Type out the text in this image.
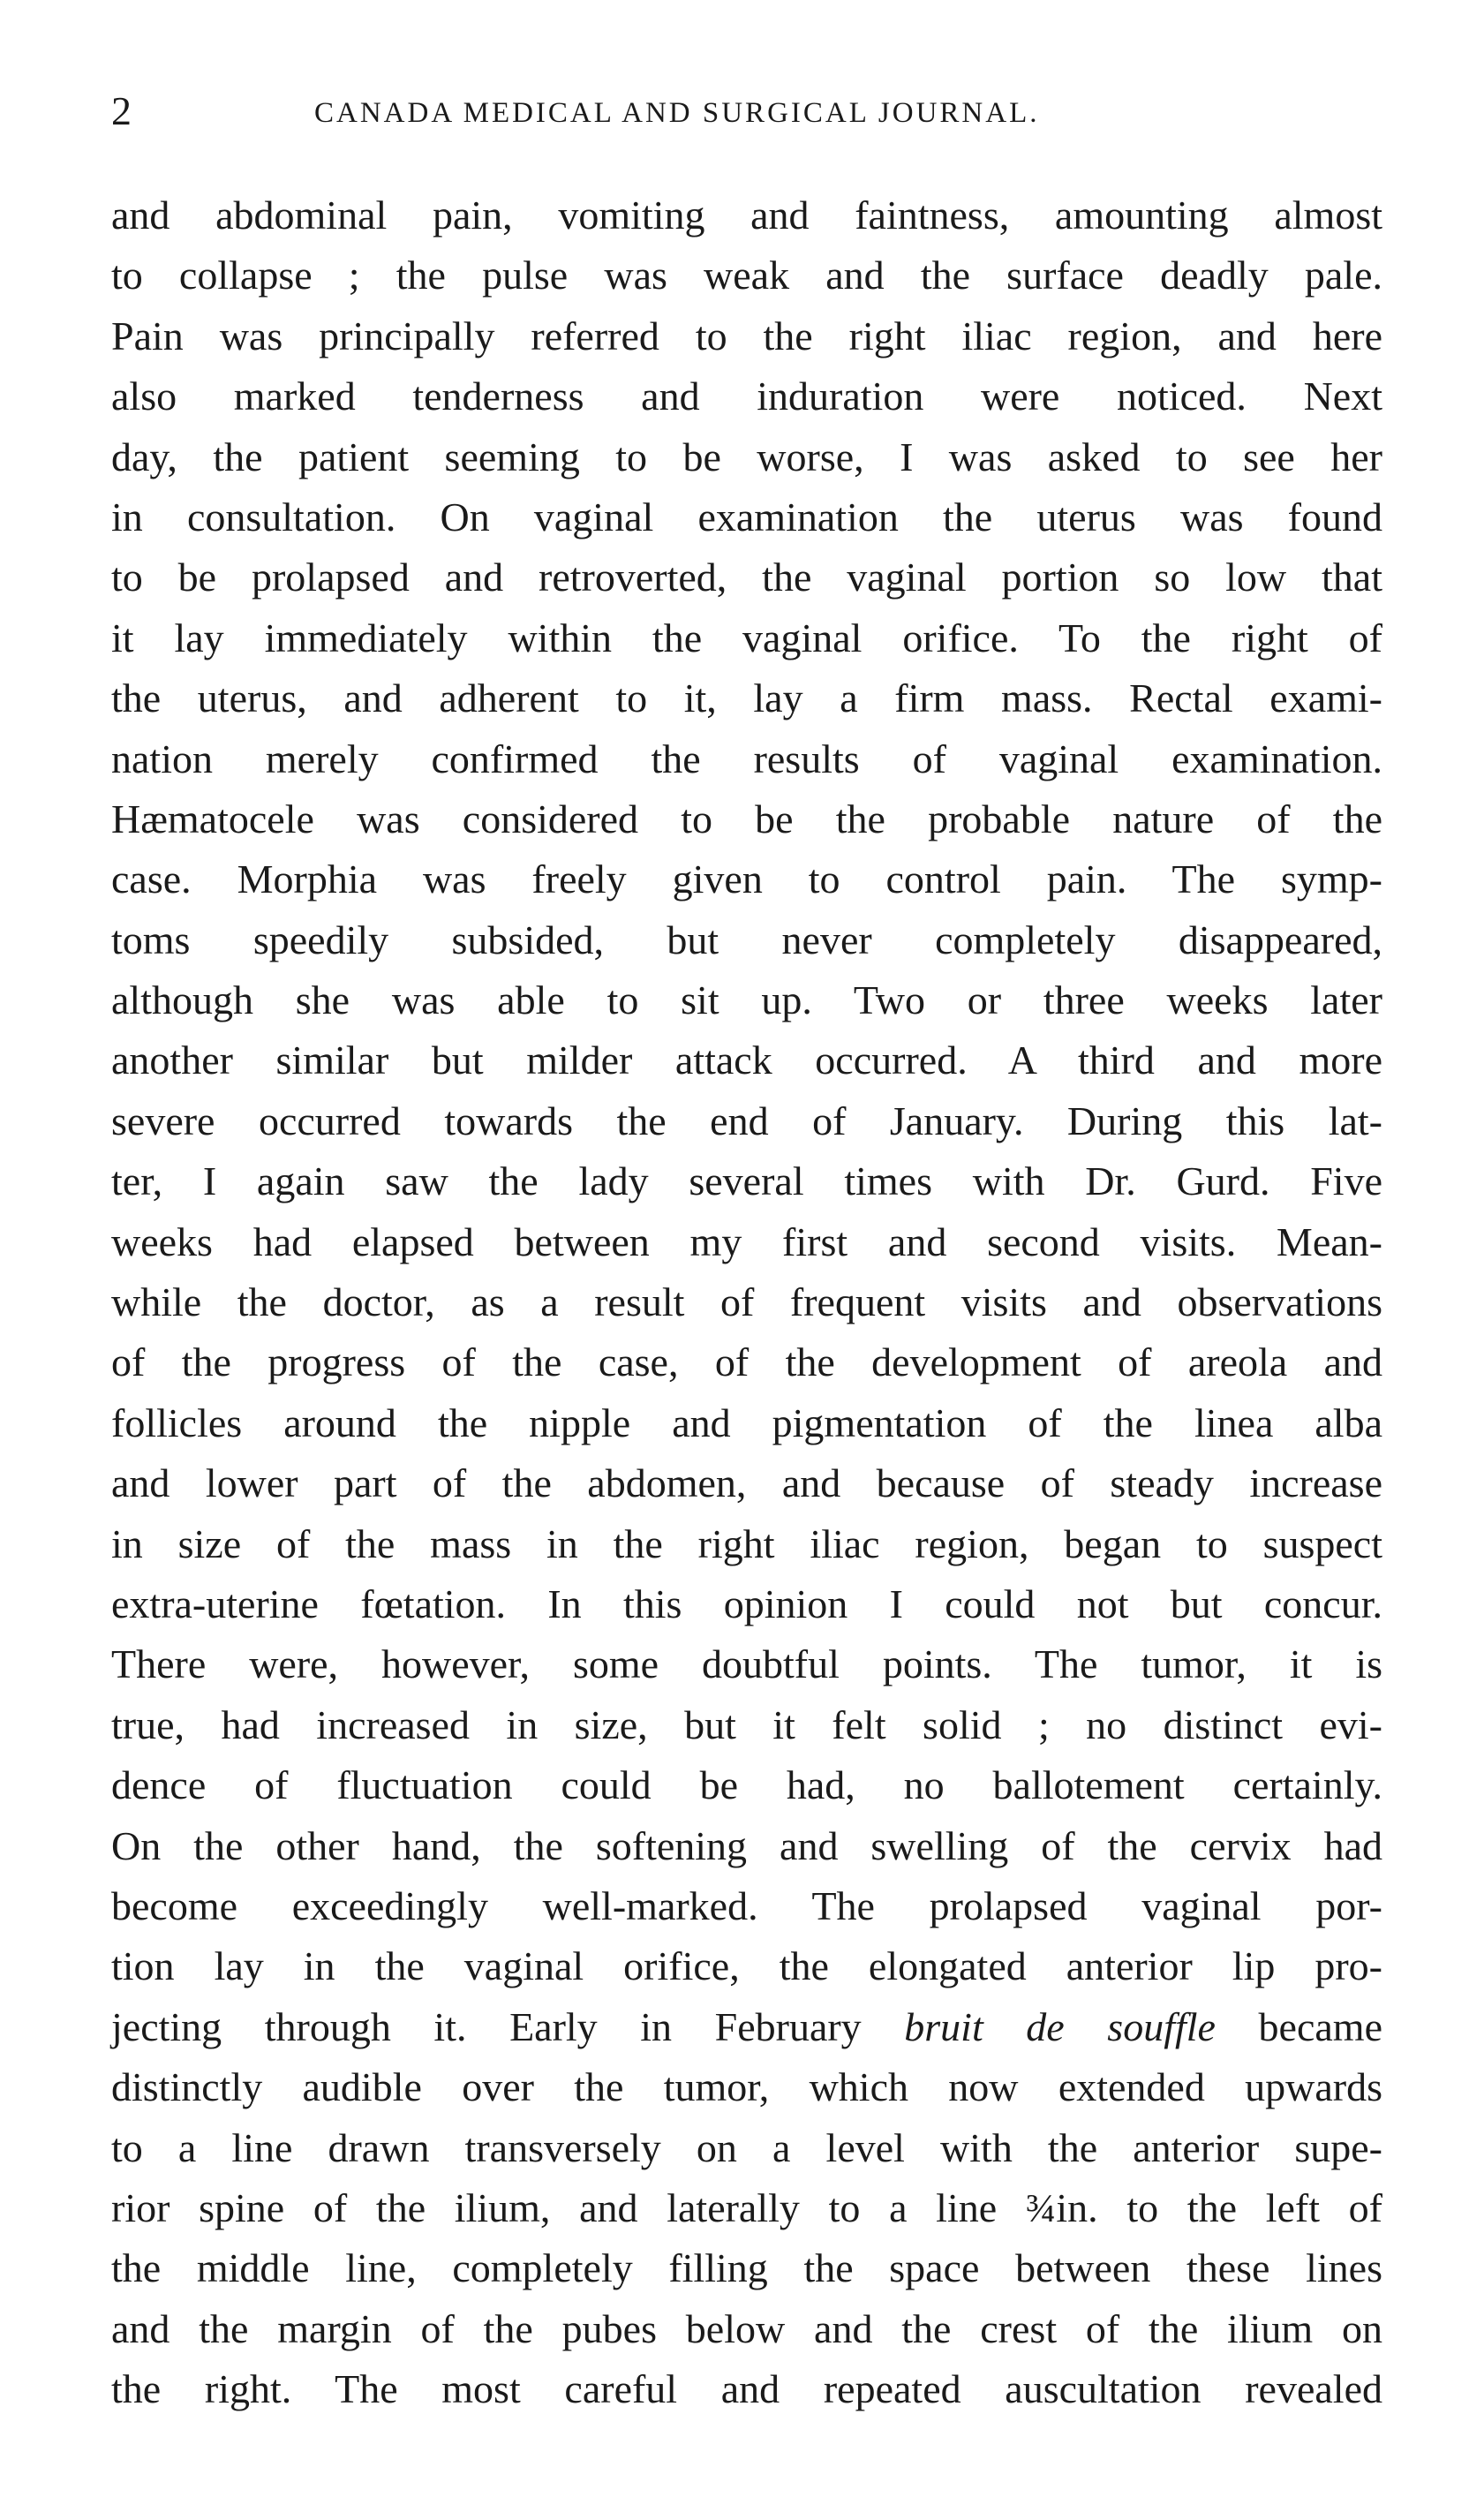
2	CANADA MEDICAL AND SURGICAL JOURNAL.
and abdominal pain, vomiting and faintness, amounting almost
to collapse ; the pulse was weak and the surface deadly pale.
Pain was principally referred to the right iliac region, and here
also marked tenderness and induration were noticed. Next
day, the patient seeming to be worse, I was asked to see her
in consultation. On vaginal examination the uterus was found
to be prolapsed and retroverted, the vaginal portion so low that
it lay immediately within the vaginal orifice. To the right of
the uterus, and adherent to it, lay a firm mass. Rectal exami-
nation merely confirmed the results of vaginal examination.
Hæmatocele was considered to be the probable nature of the
case. Morphia was freely given to control pain. The symp-
toms speedily subsided, but never completely disappeared,
although she was able to sit up. Two or three weeks later
another similar but milder attack occurred. A third and more
severe occurred towards the end of January. During this lat-
ter, I again saw the lady several times with Dr. Gurd. Five
weeks had elapsed between my first and second visits. Mean-
while the doctor, as a result of frequent visits and observations
of the progress of the case, of the development of areola and
follicles around the nipple and pigmentation of the linea alba
and lower part of the abdomen, and because of steady increase
in size of the mass in the right iliac region, began to suspect
extra-uterine fœtation. In this opinion I could not but concur.
There were, however, some doubtful points. The tumor, it is
true, had increased in size, but it felt solid ; no distinct evi-
dence of fluctuation could be had, no ballotement certainly.
On the other hand, the softening and swelling of the cervix had
become exceedingly well-marked. The prolapsed vaginal por-
tion lay in the vaginal orifice, the elongated anterior lip pro-
jecting through it. Early in February bruit de souffle became
distinctly audible over the tumor, which now extended upwards
to a line drawn transversely on a level with the anterior supe-
rior spine of the ilium, and laterally to a line ¾in. to the left of
the middle line, completely filling the space between these lines
and the margin of the pubes below and the crest of the ilium on
the right. The most careful and repeated auscultation revealed
